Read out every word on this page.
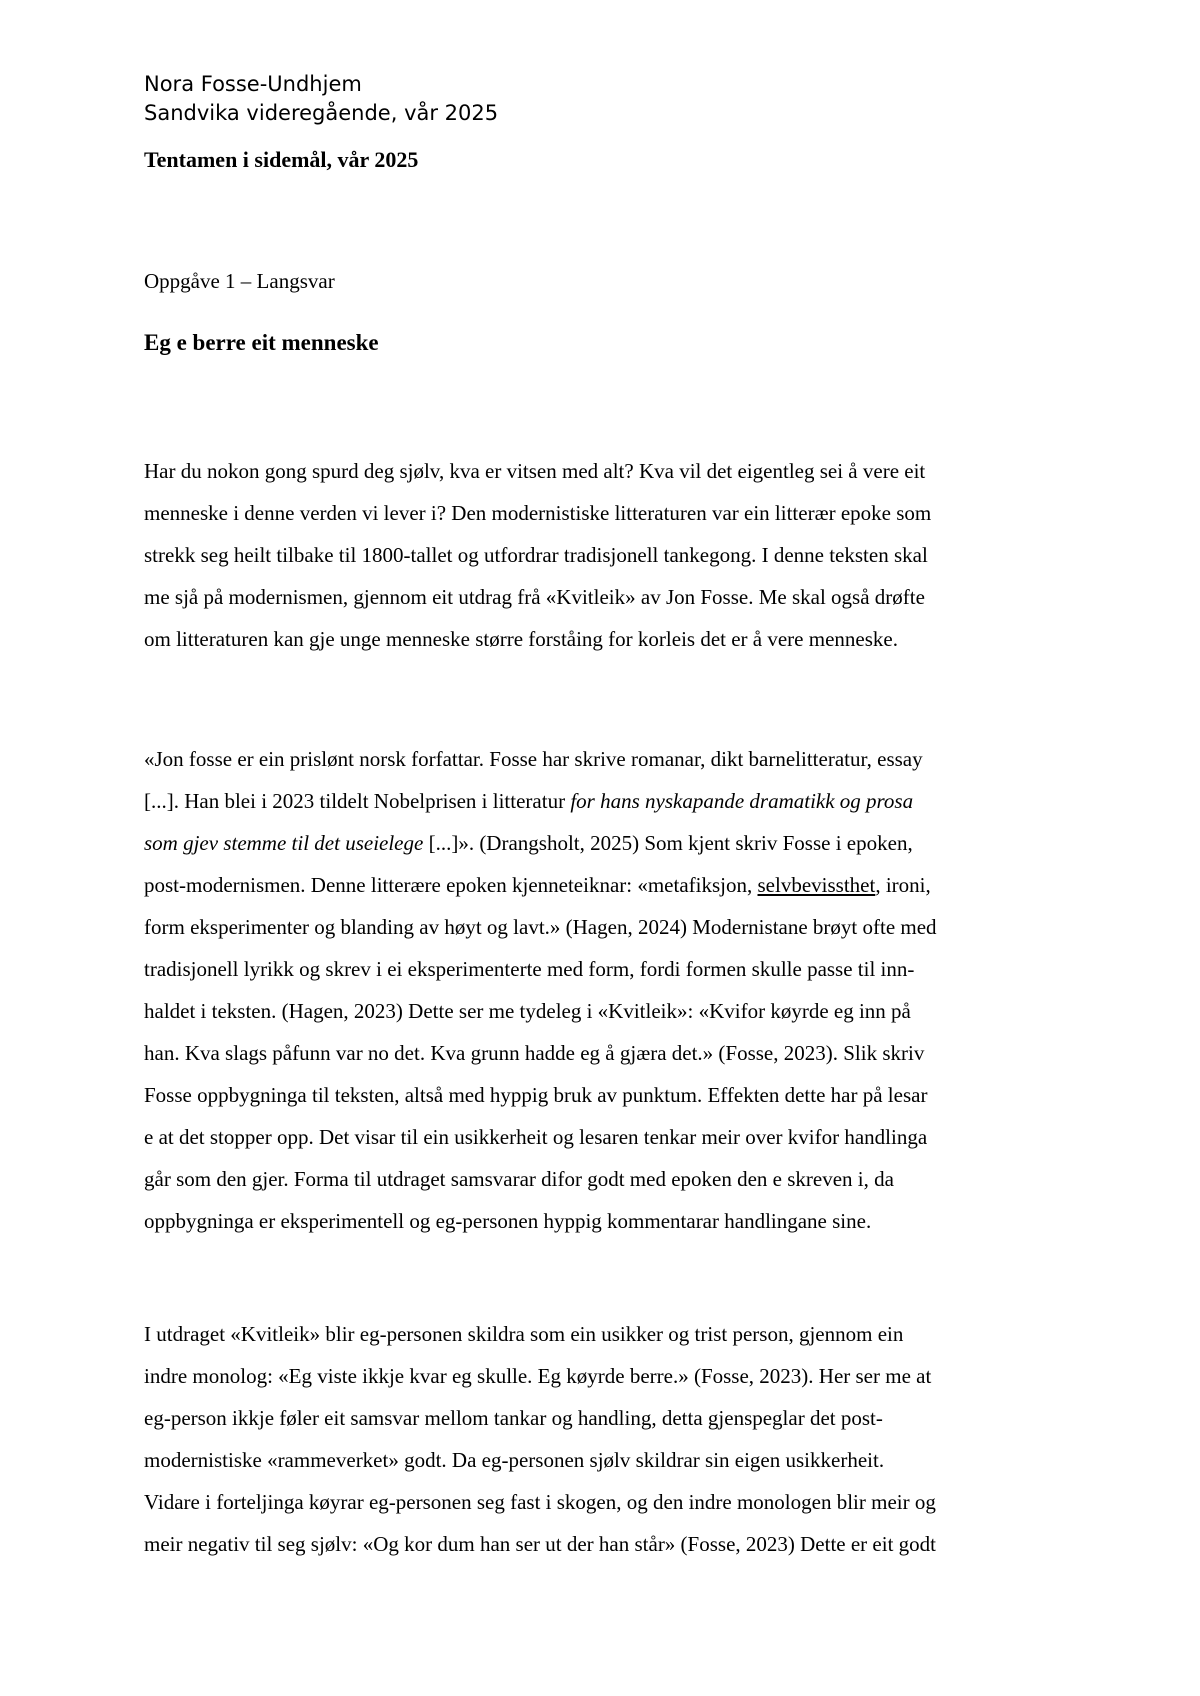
Nora Fosse-Undhjem
Sandvika videregående, vår 2025
Tentamen i sidemål, vår 2025
Oppgåve 1 – Langsvar
Eg e berre eit menneske
Har du nokon gong spurd deg sjølv, kva er vitsen med alt? Kva vil det eigentleg sei å vere eit
menneske i denne verden vi lever i? Den modernistiske litteraturen var ein litterær epoke som
strekk seg heilt tilbake til 1800-tallet og utfordrar tradisjonell tankegong. I denne teksten skal
me sjå på modernismen, gjennom eit utdrag frå «Kvitleik» av Jon Fosse. Me skal også drøfte
om litteraturen kan gje unge menneske større forståing for korleis det er å vere menneske.
«Jon fosse er ein prislønt norsk forfattar. Fosse har skrive romanar, dikt barnelitteratur, essay
[...]. Han blei i 2023 tildelt Nobelprisen i litteratur for hans nyskapande dramatikk og prosa
som gjev stemme til det useielege [...]». (Drangsholt, 2025) Som kjent skriv Fosse i epoken,
post-modernismen. Denne litterære epoken kjenneteiknar: «metafiksjon, selvbevissthet, ironi,
form eksperimenter og blanding av høyt og lavt.» (Hagen, 2024) Modernistane brøyt ofte med
tradisjonell lyrikk og skrev i ei eksperimenterte med form, fordi formen skulle passe til inn-
haldet i teksten. (Hagen, 2023) Dette ser me tydeleg i «Kvitleik»: «Kvifor køyrde eg inn på
han. Kva slags påfunn var no det. Kva grunn hadde eg å gjæra det.» (Fosse, 2023). Slik skriv
Fosse oppbygninga til teksten, altså med hyppig bruk av punktum. Effekten dette har på lesar
e at det stopper opp. Det visar til ein usikkerheit og lesaren tenkar meir over kvifor handlinga
går som den gjer. Forma til utdraget samsvarar difor godt med epoken den e skreven i, da
oppbygninga er eksperimentell og eg-personen hyppig kommentarar handlingane sine.
I utdraget «Kvitleik» blir eg-personen skildra som ein usikker og trist person, gjennom ein
indre monolog: «Eg viste ikkje kvar eg skulle. Eg køyrde berre.» (Fosse, 2023). Her ser me at
eg-person ikkje føler eit samsvar mellom tankar og handling, detta gjenspeglar det post-
modernistiske «rammeverket» godt. Da eg-personen sjølv skildrar sin eigen usikkerheit.
Vidare i forteljinga køyrar eg-personen seg fast i skogen, og den indre monologen blir meir og
meir negativ til seg sjølv: «Og kor dum han ser ut der han står» (Fosse, 2023) Dette er eit godt
